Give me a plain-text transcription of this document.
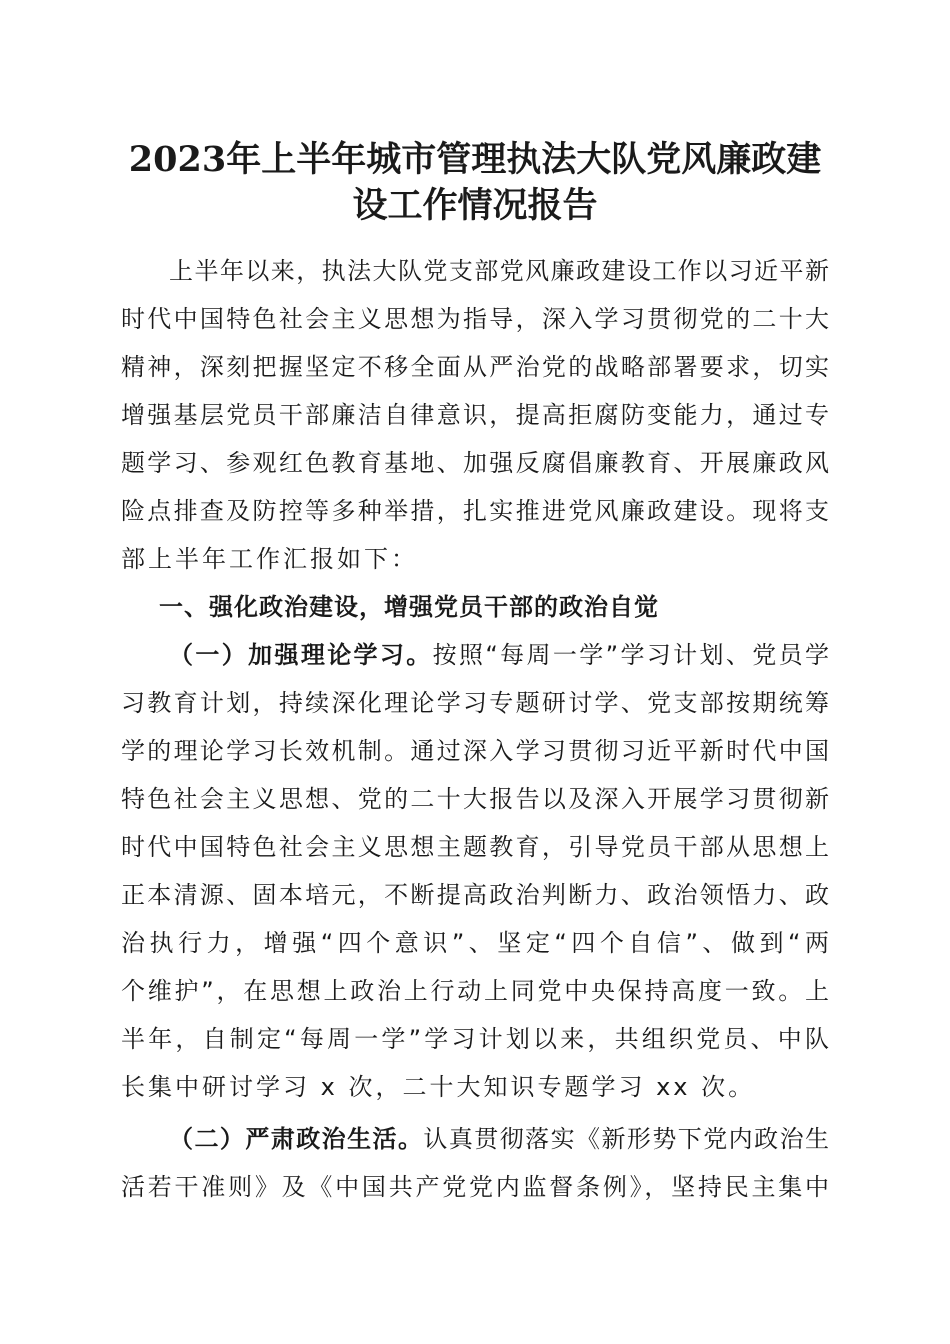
2023年上半年城市管理执法大队党风廉政建
设工作情况报告
上半年以来，执法大队党支部党风廉政建设工作以习近平新
时代中国特色社会主义思想为指导，深入学习贯彻党的二十大
精神，深刻把握坚定不移全面从严治党的战略部署要求，切实
增强基层党员干部廉洁自律意识，提高拒腐防变能力，通过专
题学习、参观红色教育基地、加强反腐倡廉教育、开展廉政风
险点排查及防控等多种举措，扎实推进党风廉政建设。现将支
部上半年工作汇报如下：
一、强化政治建设，增强党员干部的政治自觉
（一）加强理论学习。按照“每周一学”学习计划、党员学
习教育计划，持续深化理论学习专题研讨学、党支部按期统筹
学的理论学习长效机制。通过深入学习贯彻习近平新时代中国
特色社会主义思想、党的二十大报告以及深入开展学习贯彻新
时代中国特色社会主义思想主题教育，引导党员干部从思想上
正本清源、固本培元，不断提高政治判断力、政治领悟力、政
治执行力，增强“四个意识”、坚定“四个自信”、做到“两
个维护”，在思想上政治上行动上同党中央保持高度一致。上
半年，自制定“每周一学”学习计划以来，共组织党员、中队
长集中研讨学习 x 次，二十大知识专题学习 xx 次。
（二）严肃政治生活。认真贯彻落实《新形势下党内政治生
活若干准则》及《中国共产党党内监督条例》，坚持民主集中
